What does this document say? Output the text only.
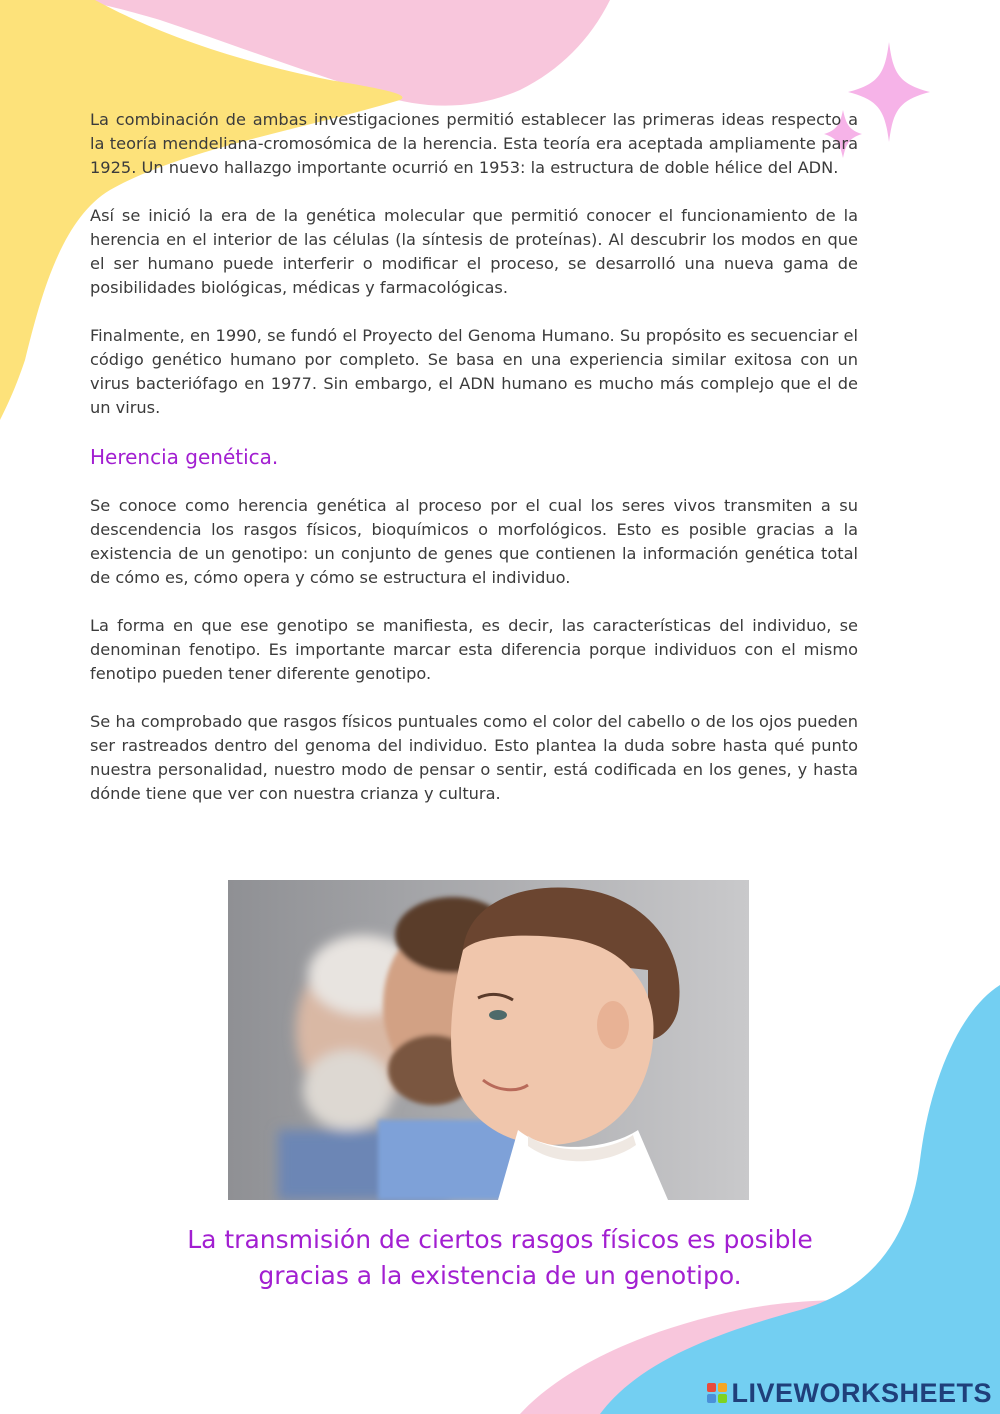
La combinación de ambas investigaciones permitió establecer las primeras ideas respecto a la teoría mendeliana-cromosómica de la herencia. Esta teoría era aceptada ampliamente para 1925. Un nuevo hallazgo importante ocurrió en 1953: la estructura de doble hélice del ADN.

Así se inició la era de la genética molecular que permitió conocer el funcionamiento de la herencia en el interior de las células (la síntesis de proteínas). Al descubrir los modos en que el ser humano puede interferir o modificar el proceso, se desarrolló una nueva gama de posibilidades biológicas, médicas y farmacológicas.

Finalmente, en 1990, se fundó el Proyecto del Genoma Humano. Su propósito es secuenciar el código genético humano por completo. Se basa en una experiencia similar exitosa con un virus bacteriófago en 1977. Sin embargo, el ADN humano es mucho más complejo que el de un virus.

Herencia genética.

Se conoce como herencia genética al proceso por el cual los seres vivos transmiten a su descendencia los rasgos físicos, bioquímicos o morfológicos. Esto es posible gracias a la existencia de un genotipo: un conjunto de genes que contienen la información genética total de cómo es, cómo opera y cómo se estructura el individuo.

La forma en que ese genotipo se manifiesta, es decir, las características del individuo, se denominan fenotipo. Es importante marcar esta diferencia porque individuos con el mismo fenotipo pueden tener diferente genotipo.

Se ha comprobado que rasgos físicos puntuales como el color del cabello o de los ojos pueden ser rastreados dentro del genoma del individuo. Esto plantea la duda sobre hasta qué punto nuestra personalidad, nuestro modo de pensar o sentir, está codificada en los genes, y hasta dónde tiene que ver con nuestra crianza y cultura.

La transmisión de ciertos rasgos físicos es posible
gracias a la existencia de un genotipo.
LIVEWORKSHEETS
